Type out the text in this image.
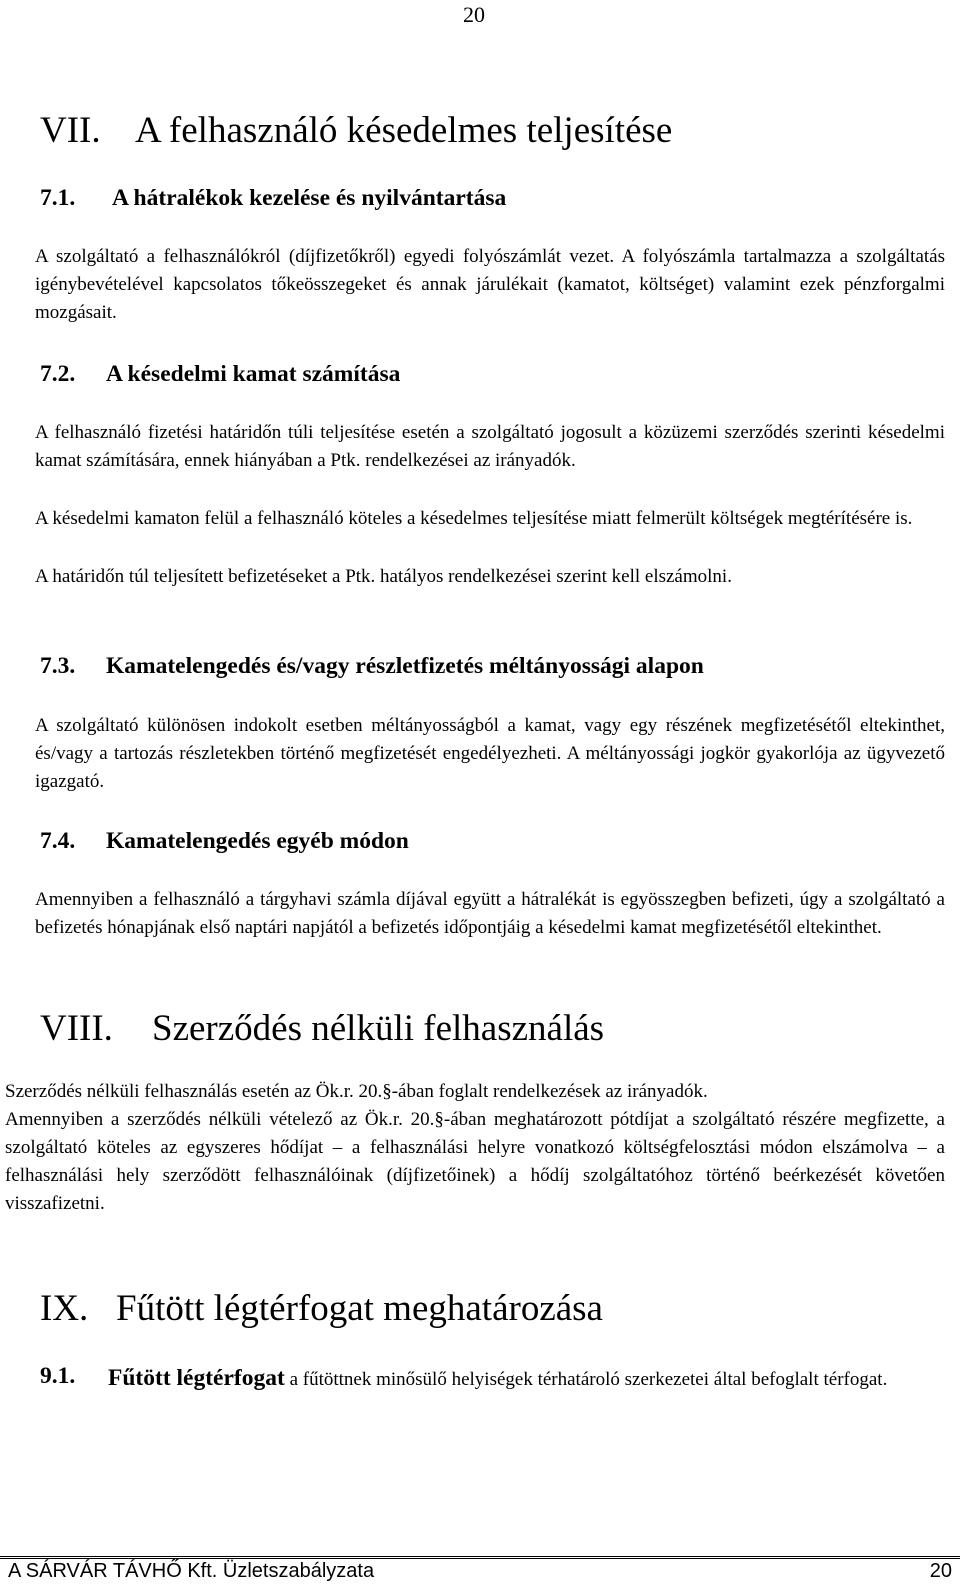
20
VII. A felhasználó késedelmes teljesítése
7.1. A hátralékok kezelése és nyilvántartása
A szolgáltató a felhasználókról (díjfizetőkről) egyedi folyószámlát vezet. A folyószámla tartalmazza a szolgáltatás igénybevételével kapcsolatos tőkeösszegeket és annak járulékait (kamatot, költséget) valamint ezek pénzforgalmi mozgásait.
7.2. A késedelmi kamat számítása
A felhasználó fizetési határidőn túli teljesítése esetén a szolgáltató jogosult a közüzemi szerződés szerinti késedelmi kamat számítására, ennek hiányában a Ptk. rendelkezései az irányadók.
A késedelmi kamaton felül a felhasználó köteles a késedelmes teljesítése miatt felmerült költségek megtérítésére is.
A határidőn túl teljesített befizetéseket a Ptk. hatályos rendelkezései szerint kell elszámolni.
7.3. Kamatelengedés és/vagy részletfizetés méltányossági alapon
A szolgáltató különösen indokolt esetben méltányosságból a kamat, vagy egy részének megfizetésétől eltekinthet, és/vagy a tartozás részletekben történő megfizetését engedélyezheti. A méltányossági jogkör gyakorlója az ügyvezető igazgató.
7.4. Kamatelengedés egyéb módon
Amennyiben a felhasználó a tárgyhavi számla díjával együtt a hátralékát is egyösszegben befizeti, úgy a szolgáltató a befizetés hónapjának első naptári napjától a befizetés időpontjáig a késedelmi kamat megfizetésétől eltekinthet.
VIII. Szerződés nélküli felhasználás
Szerződés nélküli felhasználás esetén az Ök.r. 20.§-ában foglalt rendelkezések az irányadók.
Amennyiben a szerződés nélküli vételező az Ök.r. 20.§-ában meghatározott pótdíjat a szolgáltató részére megfizette, a szolgáltató köteles az egyszeres hődíjat – a felhasználási helyre vonatkozó költségfelosztási módon elszámolva – a felhasználási hely szerződött felhasználóinak (díjfizetőinek) a hődíj szolgáltatóhoz történő beérkezését követően visszafizetni.
IX. Fűtött légtérfogat meghatározása
9.1. Fűtött légtérfogat a fűtöttnek minősülő helyiségek térhatároló szerkezetei által befoglalt térfogat.
A SÁRVÁR TÁVHŐ Kft. Üzletszabályzata	20
